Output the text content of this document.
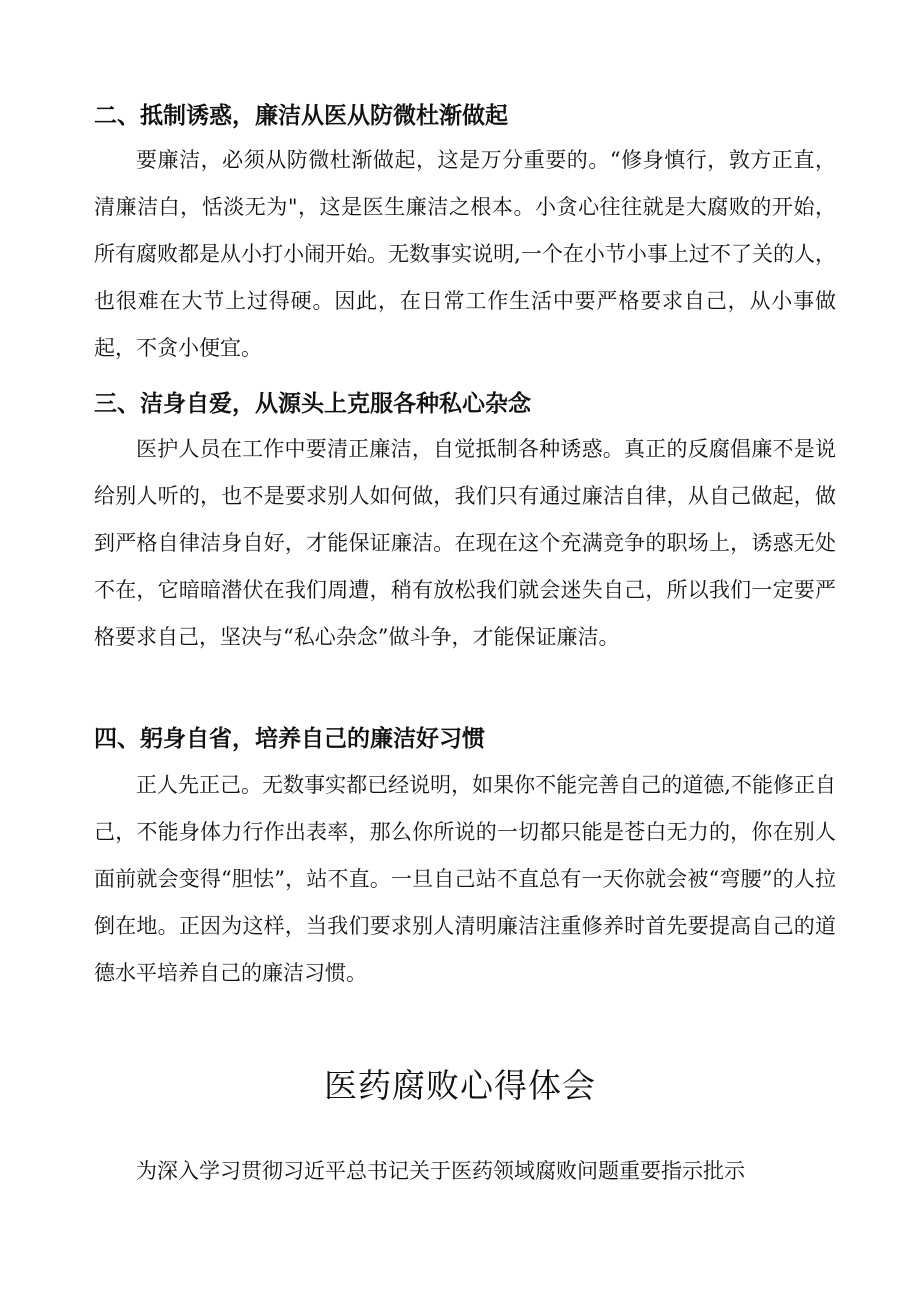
二、抵制诱惑，廉洁从医从防微杜渐做起
要廉洁，必须从防微杜渐做起，这是万分重要的。“修身慎行，敦方正直，清廉洁白，恬淡无为"，这是医生廉洁之根本。小贪心往往就是大腐败的开始，所有腐败都是从小打小闹开始。无数事实说明,一个在小节小事上过不了关的人，也很难在大节上过得硬。因此，在日常工作生活中要严格要求自己，从小事做起，不贪小便宜。
三、洁身自爱，从源头上克服各种私心杂念
医护人员在工作中要清正廉洁，自觉抵制各种诱惑。真正的反腐倡廉不是说给别人听的，也不是要求别人如何做，我们只有通过廉洁自律，从自己做起，做到严格自律洁身自好，才能保证廉洁。在现在这个充满竞争的职场上，诱惑无处不在，它暗暗潜伏在我们周遭，稍有放松我们就会迷失自己，所以我们一定要严格要求自己，坚决与“私心杂念”做斗争，才能保证廉洁。
四、躬身自省，培养自己的廉洁好习惯
正人先正己。无数事实都已经说明，如果你不能完善自己的道德,不能修正自己，不能身体力行作出表率，那么你所说的一切都只能是苍白无力的，你在别人面前就会变得“胆怯”，站不直。一旦自己站不直总有一天你就会被“弯腰”的人拉倒在地。正因为这样，当我们要求别人清明廉洁注重修养时首先要提高自己的道德水平培养自己的廉洁习惯。
医药腐败心得体会
为深入学习贯彻习近平总书记关于医药领域腐败问题重要指示批示
